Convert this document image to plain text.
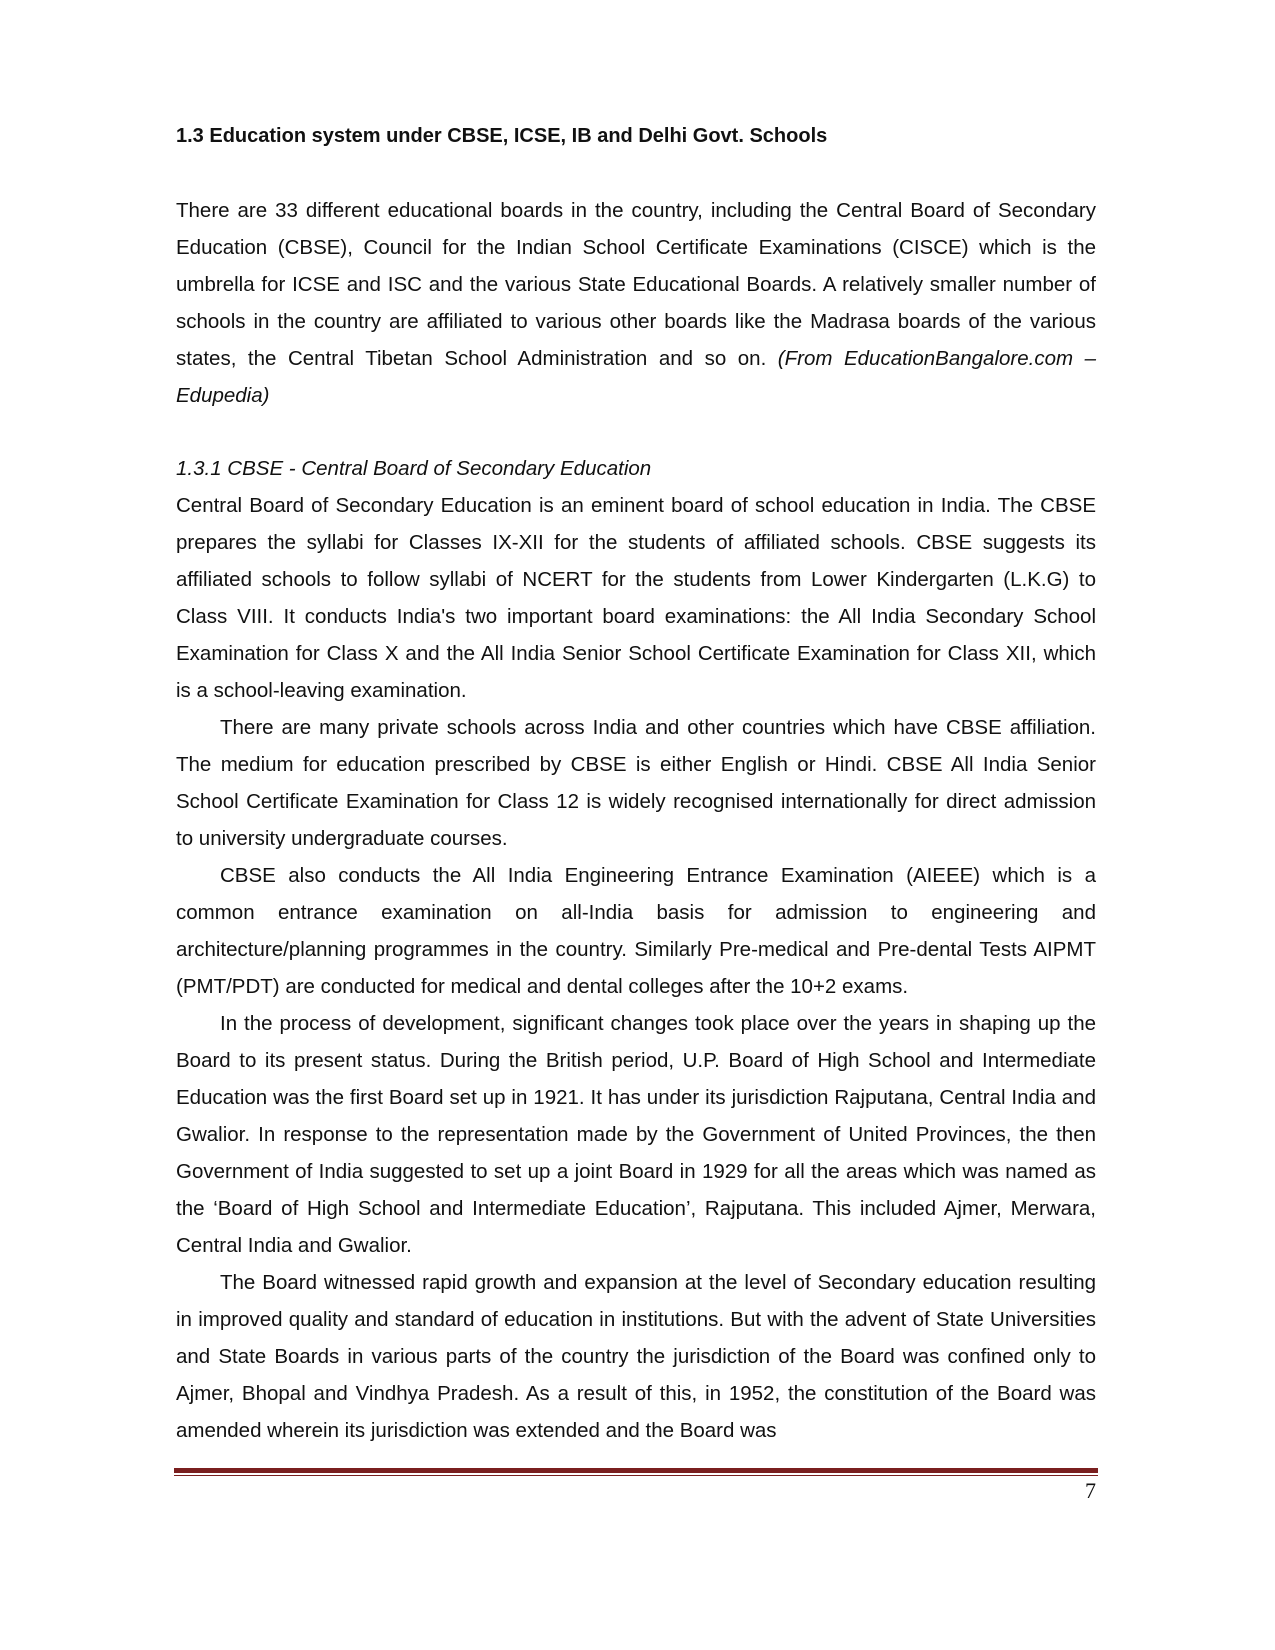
1.3 Education system under CBSE, ICSE, IB and Delhi Govt. Schools

There are 33 different educational boards in the country, including the Central Board of Secondary Education (CBSE), Council for the Indian School Certificate Examinations (CISCE) which is the umbrella for ICSE and ISC and the various State Educational Boards. A relatively smaller number of schools in the country are affiliated to various other boards like the Madrasa boards of the various states, the Central Tibetan School Administration and so on. (From EducationBangalore.com – Edupedia)

1.3.1 CBSE - Central Board of Secondary Education

Central Board of Secondary Education is an eminent board of school education in India. The CBSE prepares the syllabi for Classes IX-XII for the students of affiliated schools. CBSE suggests its affiliated schools to follow syllabi of NCERT for the students from Lower Kindergarten (L.K.G) to Class VIII. It conducts India's two important board examinations: the All India Secondary School Examination for Class X and the All India Senior School Certificate Examination for Class XII, which is a school-leaving examination.

There are many private schools across India and other countries which have CBSE affiliation. The medium for education prescribed by CBSE is either English or Hindi. CBSE All India Senior School Certificate Examination for Class 12 is widely recognised internationally for direct admission to university undergraduate courses.

CBSE also conducts the All India Engineering Entrance Examination (AIEEE) which is a common entrance examination on all-India basis for admission to engineering and architecture/planning programmes in the country. Similarly Pre-medical and Pre-dental Tests AIPMT (PMT/PDT) are conducted for medical and dental colleges after the 10+2 exams.

In the process of development, significant changes took place over the years in shaping up the Board to its present status. During the British period, U.P. Board of High School and Intermediate Education was the first Board set up in 1921. It has under its jurisdiction Rajputana, Central India and Gwalior. In response to the representation made by the Government of United Provinces, the then Government of India suggested to set up a joint Board in 1929 for all the areas which was named as the ‘Board of High School and Intermediate Education’, Rajputana. This included Ajmer, Merwara, Central India and Gwalior.

The Board witnessed rapid growth and expansion at the level of Secondary education resulting in improved quality and standard of education in institutions. But with the advent of State Universities and State Boards in various parts of the country the jurisdiction of the Board was confined only to Ajmer, Bhopal and Vindhya Pradesh. As a result of this, in 1952, the constitution of the Board was amended wherein its jurisdiction was extended and the Board was

7
